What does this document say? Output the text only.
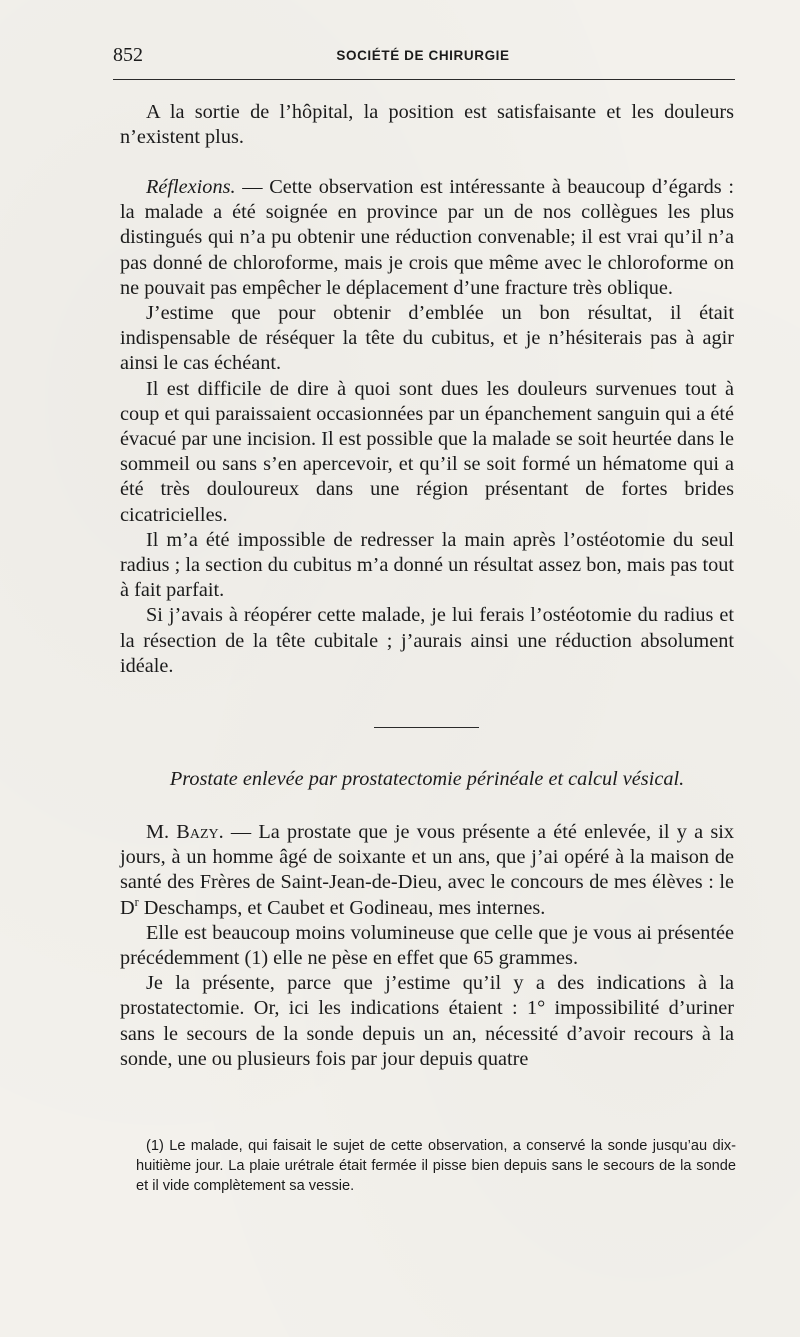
852	SOCIÉTÉ DE CHIRURGIE

A la sortie de l’hôpital, la position est satisfaisante et les douleurs n’existent plus.

Réflexions. — Cette observation est intéressante à beaucoup d’égards : la malade a été soignée en province par un de nos collègues les plus distingués qui n’a pu obtenir une réduction convenable; il est vrai qu’il n’a pas donné de chloroforme, mais je crois que même avec le chloroforme on ne pouvait pas empêcher le déplacement d’une fracture très oblique.

J’estime que pour obtenir d’emblée un bon résultat, il était indispensable de réséquer la tête du cubitus, et je n’hésiterais pas à agir ainsi le cas échéant.

Il est difficile de dire à quoi sont dues les douleurs survenues tout à coup et qui paraissaient occasionnées par un épanchement sanguin qui a été évacué par une incision. Il est possible que la malade se soit heurtée dans le sommeil ou sans s’en apercevoir, et qu’il se soit formé un hématome qui a été très douloureux dans une région présentant de fortes brides cicatricielles.

Il m’a été impossible de redresser la main après l’ostéotomie du seul radius ; la section du cubitus m’a donné un résultat assez bon, mais pas tout à fait parfait.

Si j’avais à réopérer cette malade, je lui ferais l’ostéotomie du radius et la résection de la tête cubitale ; j’aurais ainsi une réduction absolument idéale.

Prostate enlevée par prostatectomie périnéale et calcul vésical.

M. Bazy. — La prostate que je vous présente a été enlevée, il y a six jours, à un homme âgé de soixante et un ans, que j’ai opéré à la maison de santé des Frères de Saint-Jean-de-Dieu, avec le concours de mes élèves : le $D^r$ Deschamps, et Caubet et Godineau, mes internes.

Elle est beaucoup moins volumineuse que celle que je vous ai présentée précédemment (1) elle ne pèse en effet que 65 grammes.

Je la présente, parce que j’estime qu’il y a des indications à la prostatectomie. Or, ici les indications étaient : 1° impossibilité d’uriner sans le secours de la sonde depuis un an, nécessité d’avoir recours à la sonde, une ou plusieurs fois par jour depuis quatre

(1) Le malade, qui faisait le sujet de cette observation, a conservé la sonde jusqu’au dix-huitième jour. La plaie urétrale était fermée il pisse bien depuis sans le secours de la sonde et il vide complètement sa vessie.
